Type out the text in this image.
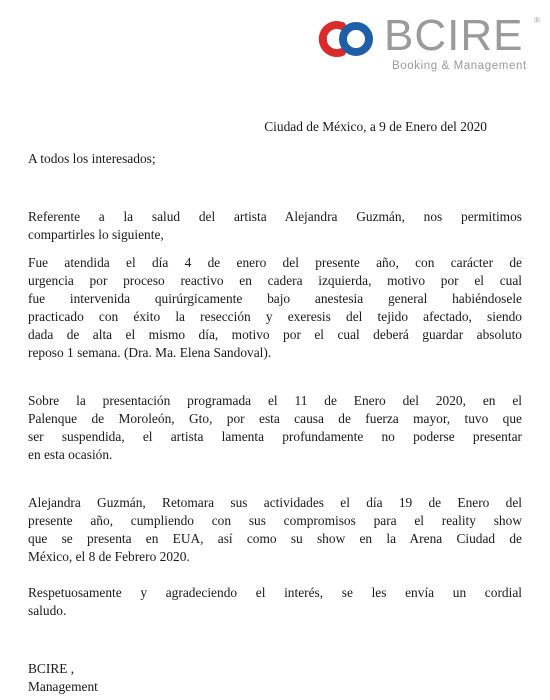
BCIRE ®
Booking & Management
Ciudad de México, a 9 de Enero del 2020
A todos los interesados;
Referente a la salud del artista Alejandra Guzmán, nos permitimos
compartirles lo siguiente,
Fue atendida el día 4 de enero del presente año, con carácter de
urgencia por proceso reactivo en cadera izquierda, motivo por el cual
fue intervenida quirúrgicamente bajo anestesia general habiéndosele
practicado con éxito la resección y exeresis del tejido afectado, siendo
dada de alta el mismo día, motivo por el cual deberá guardar absoluto
reposo 1 semana. (Dra. Ma. Elena Sandoval).
Sobre la presentación programada el 11 de Enero del 2020, en el
Palenque de Moroleón, Gto, por esta causa de fuerza mayor, tuvo que
ser suspendida, el artista lamenta profundamente no poderse presentar
en esta ocasión.
Alejandra Guzmán, Retomara sus actividades el día 19 de Enero del
presente año, cumpliendo con sus compromisos para el reality show
que se presenta en EUA, así como su show en la Arena Ciudad de
México, el 8 de Febrero 2020.
Respetuosamente y agradeciendo el interés, se les envía un cordial
saludo.
BCIRE ,
Management
